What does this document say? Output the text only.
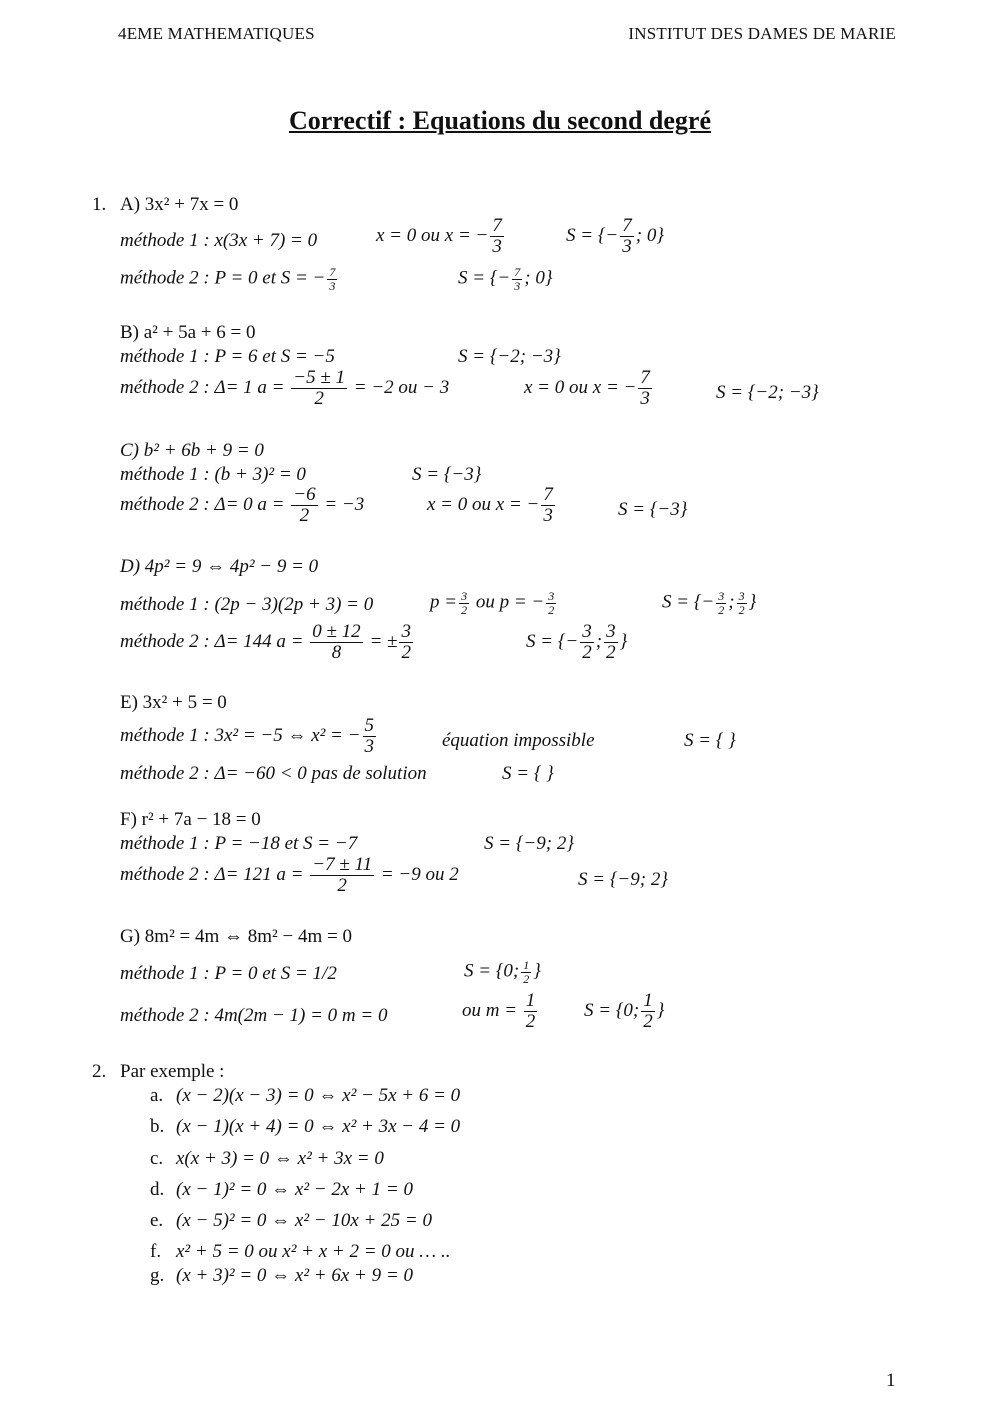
4EME MATHEMATIQUES	INSTITUT DES DAMES DE MARIE
Correctif : Equations du second degré
1. A) 3x² + 7x = 0
méthode 1 : x(3x + 7) = 0	x = 0 ou x = − $\frac{7}{3}$	S = {− $\frac{7}{3}$ ; 0}
méthode 2 : P = 0 et S = − $\frac{7}{3}$	S = {− $\frac{7}{3}$ ; 0}
B) a² + 5a + 6 = 0
méthode 1 : P = 6 et S = −5	S = {−2; −3}
méthode 2 : Δ= 1 $a = \frac{-5 \pm 1}{2} = -2$ ou − 3	x = 0 ou x = − $\frac{7}{3}$	S = {−2; −3}
C) b² + 6b + 9 = 0
méthode 1 : (b + 3)² = 0	S = {−3}
méthode 2 : Δ= 0 $a = \frac{-6}{2} = -3$	x = 0 ou x = − $\frac{7}{3}$	S = {−3}
D) 4p² = 9 ⇔ 4p² − 9 = 0
méthode 1 : (2p − 3)(2p + 3) = 0	$p = \frac{3}{2}$ ou p = − $\frac{3}{2}$	S = {− $\frac{3}{2}$ ; $\frac{3}{2}$ }
méthode 2 : Δ= 144 $a = \frac{0 \pm 12}{8}$ = ± $\frac{3}{2}$	S = {− $\frac{3}{2}$ ; $\frac{3}{2}$ }
E) 3x² + 5 = 0
méthode 1 : 3x² = −5 ⇔ x² = − $\frac{5}{3}$	équation impossible	S = { }
méthode 2 : Δ= −60 < 0 pas de solution	S = { }
F) r² + 7a − 18 = 0
méthode 1 : P = −18 et S = −7	S = {−9; 2}
méthode 2 : Δ= 121 $a = \frac{-7 \pm 11}{2} = -9$ ou 2	S = {−9; 2}
G) 8m² = 4m ⇔ 8m² − 4m = 0
méthode 1 : P = 0 et S = 1/2	S = {0; $\frac{1}{2}$ }
méthode 2 : 4m(2m − 1) = 0 m = 0	ou $m = \frac{1}{2}$ S = {0; $\frac{1}{2}$ }
2. Par exemple :
a. (x − 2)(x − 3) = 0 ⇔ x² − 5x + 6 = 0
b. (x − 1)(x + 4) = 0 ⇔ x² + 3x − 4 = 0
c. x(x + 3) = 0 ⇔ x² + 3x = 0
d. (x − 1)² = 0 ⇔ x² − 2x + 1 = 0
e. (x − 5)² = 0 ⇔ x² − 10x + 25 = 0
f. x² + 5 = 0 ou x² + x + 2 = 0 ou … ..
g. (x + 3)² = 0 ⇔ x² + 6x + 9 = 0
1
